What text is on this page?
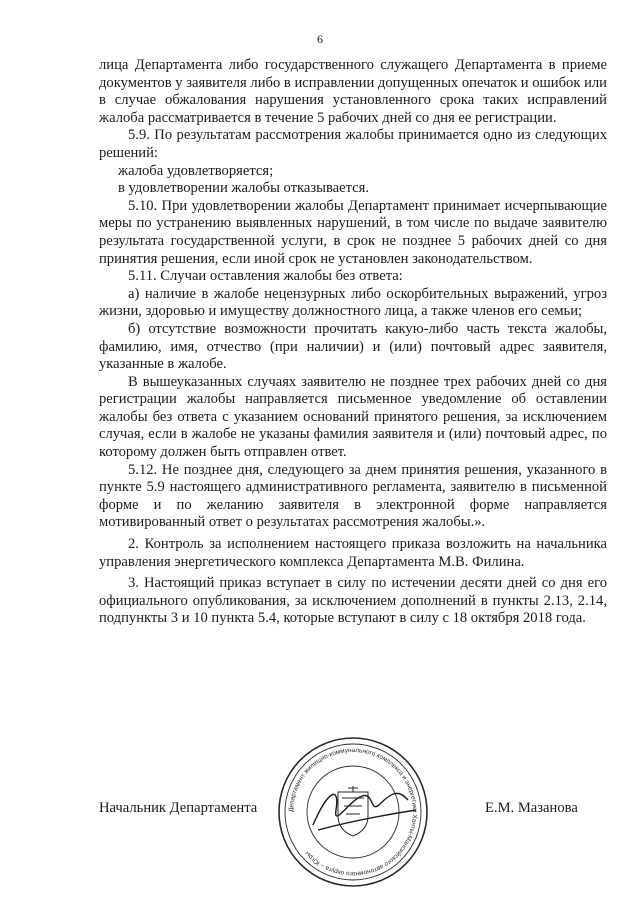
6

лица Департамента либо государственного служащего Департамента в приеме документов у заявителя либо в исправлении допущенных опечаток и ошибок или в случае обжалования нарушения установленного срока таких исправлений жалоба рассматривается в течение 5 рабочих дней со дня ее регистрации.

5.9. По результатам рассмотрения жалобы принимается одно из следующих решений:

жалоба удовлетворяется;

в удовлетворении жалобы отказывается.

5.10. При удовлетворении жалобы Департамент принимает исчерпывающие меры по устранению выявленных нарушений, в том числе по выдаче заявителю результата государственной услуги, в срок не позднее 5 рабочих дней со дня принятия решения, если иной срок не установлен законодательством.

5.11. Случаи оставления жалобы без ответа:

а) наличие в жалобе нецензурных либо оскорбительных выражений, угроз жизни, здоровью и имуществу должностного лица, а также членов его семьи;

б) отсутствие возможности прочитать какую-либо часть текста жалобы, фамилию, имя, отчество (при наличии) и (или) почтовый адрес заявителя, указанные в жалобе.

В вышеуказанных случаях заявителю не позднее трех рабочих дней со дня регистрации жалобы направляется письменное уведомление об оставлении жалобы без ответа с указанием оснований принятого решения, за исключением случая, если в жалобе не указаны фамилия заявителя и (или) почтовый адрес, по которому должен быть отправлен ответ.

5.12. Не позднее дня, следующего за днем принятия решения, указанного в пункте 5.9 настоящего административного регламента, заявителю в письменной форме и по желанию заявителя в электронной форме направляется мотивированный ответ о результатах рассмотрения жалобы.».

2. Контроль за исполнением настоящего приказа возложить на начальника управления энергетического комплекса Департамента М.В. Филина.

3. Настоящий приказ вступает в силу по истечении десяти дней со дня его официального опубликования, за исключением дополнений в пункты 2.13, 2.14, подпункты 3 и 10 пункта 5.4, которые вступают в силу с 18 октября 2018 года.

Начальник Департамента	Департамент жилищно-коммунального комплекса и энергетики Ханты-Мансийского автономного округа – Югры
Е.М. Мазанова
